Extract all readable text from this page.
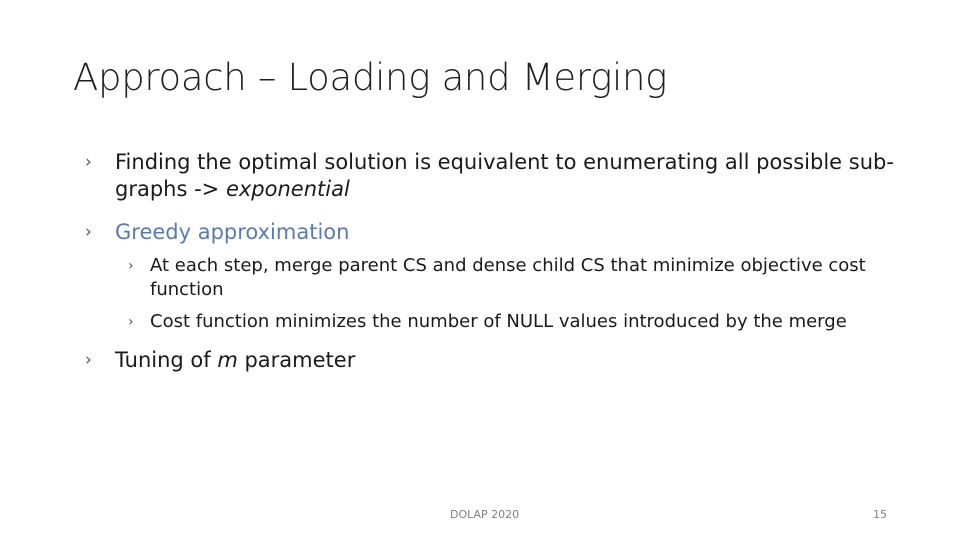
Approach – Loading and Merging
› Finding the optimal solution is equivalent to enumerating all possible sub-graphs -> exponential
› Greedy approximation
› At each step, merge parent CS and dense child CS that minimize objective cost function
› Cost function minimizes the number of NULL values introduced by the merge
› Tuning of m parameter
DOLAP 2020	15
